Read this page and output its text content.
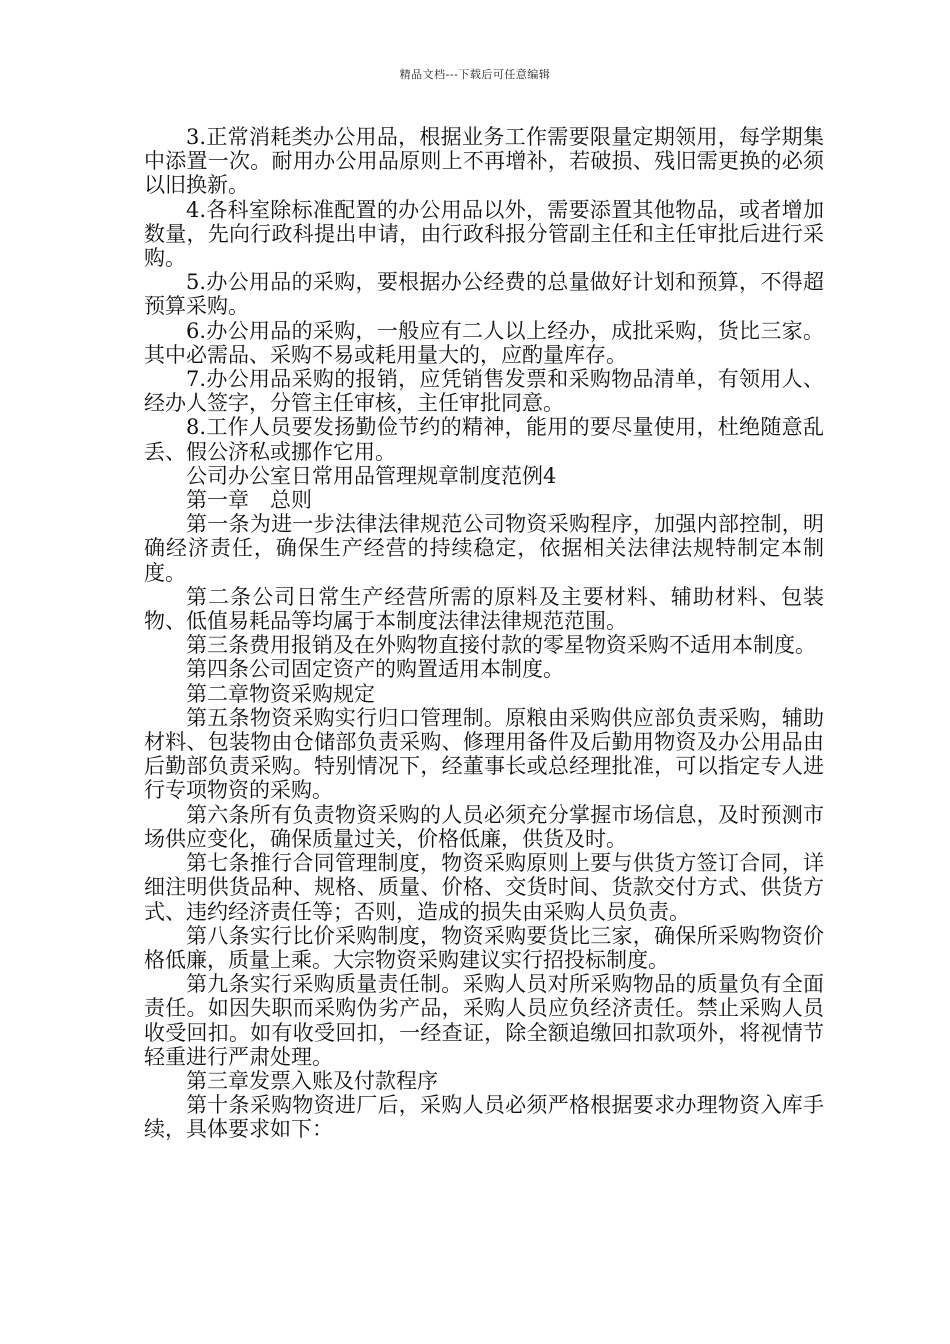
精品文档---下载后可任意编辑

3.正常消耗类办公用品，根据业务工作需要限量定期领用，每学期集中添置一次。耐用办公用品原则上不再增补，若破损、残旧需更换的必须以旧换新。

4.各科室除标准配置的办公用品以外，需要添置其他物品，或者增加数量，先向行政科提出申请，由行政科报分管副主任和主任审批后进行采购。

5.办公用品的采购，要根据办公经费的总量做好计划和预算，不得超预算采购。

6.办公用品的采购，一般应有二人以上经办，成批采购，货比三家。其中必需品、采购不易或耗用量大的，应酌量库存。

7.办公用品采购的报销，应凭销售发票和采购物品清单，有领用人、经办人签字，分管主任审核，主任审批同意。

8.工作人员要发扬勤俭节约的精神，能用的要尽量使用，杜绝随意乱丢、假公济私或挪作它用。

公司办公室日常用品管理规章制度范例4

第一章　总则

第一条为进一步法律法律规范公司物资采购程序，加强内部控制，明确经济责任，确保生产经营的持续稳定，依据相关法律法规特制定本制度。

第二条公司日常生产经营所需的原料及主要材料、辅助材料、包装物、低值易耗品等均属于本制度法律法律规范范围。

第三条费用报销及在外购物直接付款的零星物资采购不适用本制度。

第四条公司固定资产的购置适用本制度。

第二章物资采购规定

第五条物资采购实行归口管理制。原粮由采购供应部负责采购，辅助材料、包装物由仓储部负责采购、修理用备件及后勤用物资及办公用品由后勤部负责采购。特别情况下，经董事长或总经理批准，可以指定专人进行专项物资的采购。

第六条所有负责物资采购的人员必须充分掌握市场信息，及时预测市场供应变化，确保质量过关，价格低廉，供货及时。

第七条推行合同管理制度，物资采购原则上要与供货方签订合同，详细注明供货品种、规格、质量、价格、交货时间、货款交付方式、供货方式、违约经济责任等；否则，造成的损失由采购人员负责。

第八条实行比价采购制度，物资采购要货比三家，确保所采购物资价格低廉，质量上乘。大宗物资采购建议实行招投标制度。

第九条实行采购质量责任制。采购人员对所采购物品的质量负有全面责任。如因失职而采购伪劣产品，采购人员应负经济责任。禁止采购人员收受回扣。如有收受回扣，一经查证，除全额追缴回扣款项外，将视情节轻重进行严肃处理。

第三章发票入账及付款程序

第十条采购物资进厂后，采购人员必须严格根据要求办理物资入库手续，具体要求如下：
